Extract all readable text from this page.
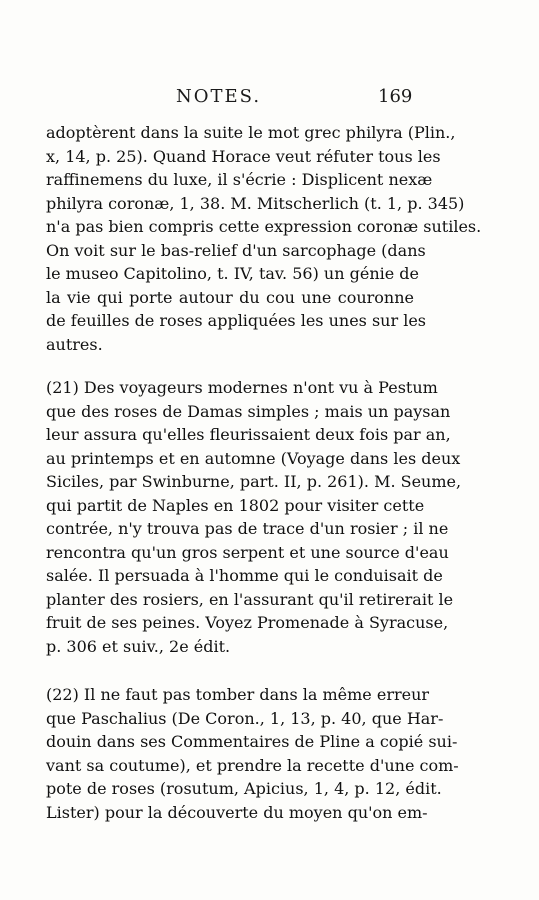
NOTES.	169
adoptèrent dans la suite le mot grec philyra (Plin.,
x, 14, p. 25). Quand Horace veut réfuter tous les
raffinemens du luxe, il s'écrie : Displicent nexæ
philyra coronæ, 1, 38. M. Mitscherlich (t. 1, p. 345)
n'a pas bien compris cette expression coronæ sutiles.
On voit sur le bas-relief d'un sarcophage (dans
le museo Capitolino, t. IV, tav. 56) un génie de
la vie qui porte autour du cou une couronne
de feuilles de roses appliquées les unes sur les
autres.
(21) Des voyageurs modernes n'ont vu à Pestum
que des roses de Damas simples ; mais un paysan
leur assura qu'elles fleurissaient deux fois par an,
au printemps et en automne (Voyage dans les deux
Siciles, par Swinburne, part. II, p. 261). M. Seume,
qui partit de Naples en 1802 pour visiter cette
contrée, n'y trouva pas de trace d'un rosier ; il ne
rencontra qu'un gros serpent et une source d'eau
salée. Il persuada à l'homme qui le conduisait de
planter des rosiers, en l'assurant qu'il retirerait le
fruit de ses peines. Voyez Promenade à Syracuse,
p. 306 et suiv., 2e édit.
(22) Il ne faut pas tomber dans la même erreur
que Paschalius (De Coron., 1, 13, p. 40, que Har-
douin dans ses Commentaires de Pline a copié sui-
vant sa coutume), et prendre la recette d'une com-
pote de roses (rosutum, Apicius, 1, 4, p. 12, édit.
Lister) pour la découverte du moyen qu'on em-
